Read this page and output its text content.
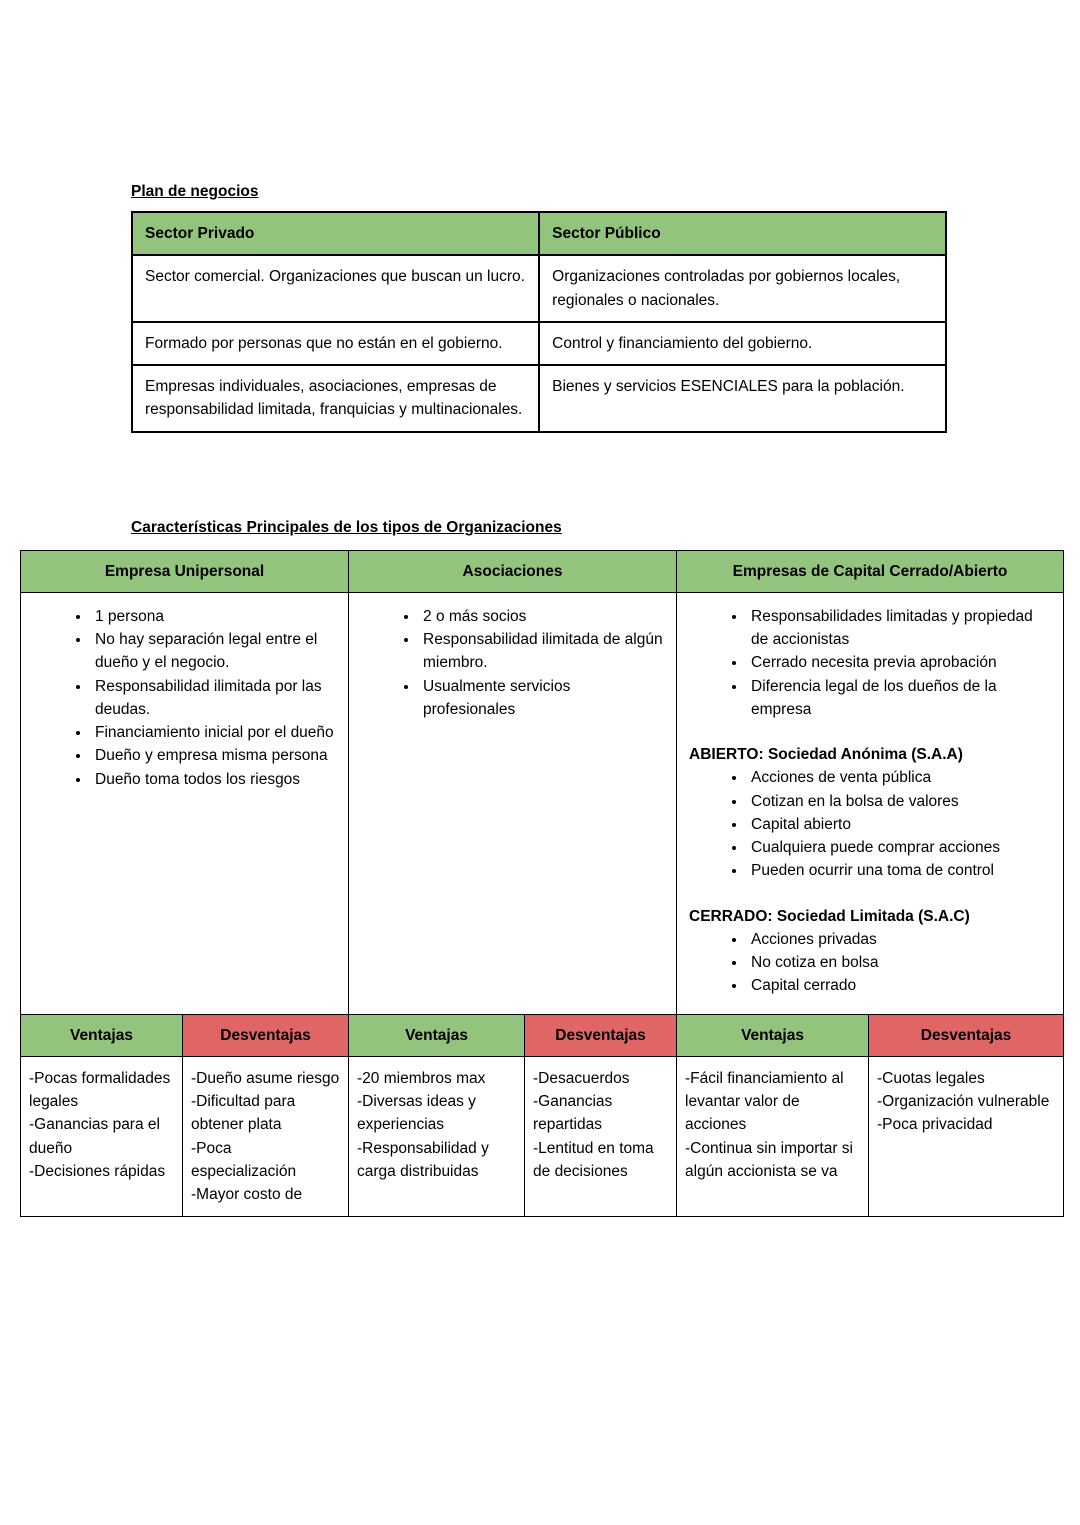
Plan de negocios
Sector Privado	Sector Público
Sector comercial. Organizaciones que buscan un lucro.	Organizaciones controladas por gobiernos locales, regionales o nacionales.
Formado por personas que no están en el gobierno.	Control y financiamiento del gobierno.
Empresas individuales, asociaciones, empresas de responsabilidad limitada, franquicias y multinacionales.	Bienes y servicios ESENCIALES para la población.
Características Principales de los tipos de Organizaciones
Empresa Unipersonal		Asociaciones		Empresas de Capital Cerrado/Abierto	

• 1 persona
• No hay separación legal entre el dueño y el negocio.
• Responsabilidad ilimitada por las deudas.
• Financiamiento inicial por el dueño
• Dueño y empresa misma persona
• Dueño toma todos los riesgos

• 2 o más socios
• Responsabilidad ilimitada de algún miembro.
• Usualmente servicios profesionales

• Responsabilidades limitadas y propiedad de accionistas
• Cerrado necesita previa aprobación
• Diferencia legal de los dueños de la empresa
ABIERTO: Sociedad Anónima (S.A.A)
• Acciones de venta pública
• Cotizan en la bolsa de valores
• Capital abierto
• Cualquiera puede comprar acciones
• Pueden ocurrir una toma de control
CERRADO: Sociedad Limitada (S.A.C)
• Acciones privadas
• No cotiza en bolsa
• Capital cerrado

Ventajas	Desventajas	Ventajas	Desventajas	Ventajas	Desventajas

-Pocas formalidades legales
-Ganancias para el dueño
-Decisiones rápidas

-Dueño asume riesgo
-Dificultad para obtener plata
-Poca especialización
-Mayor costo de

-20 miembros max
-Diversas ideas y experiencias
-Responsabilidad y carga distribuidas

-Desacuerdos
-Ganancias repartidas
-Lentitud en toma de decisiones

-Fácil financiamiento al levantar valor de acciones
-Continua sin importar si algún accionista se va

-Cuotas legales
-Organización vulnerable
-Poca privacidad
